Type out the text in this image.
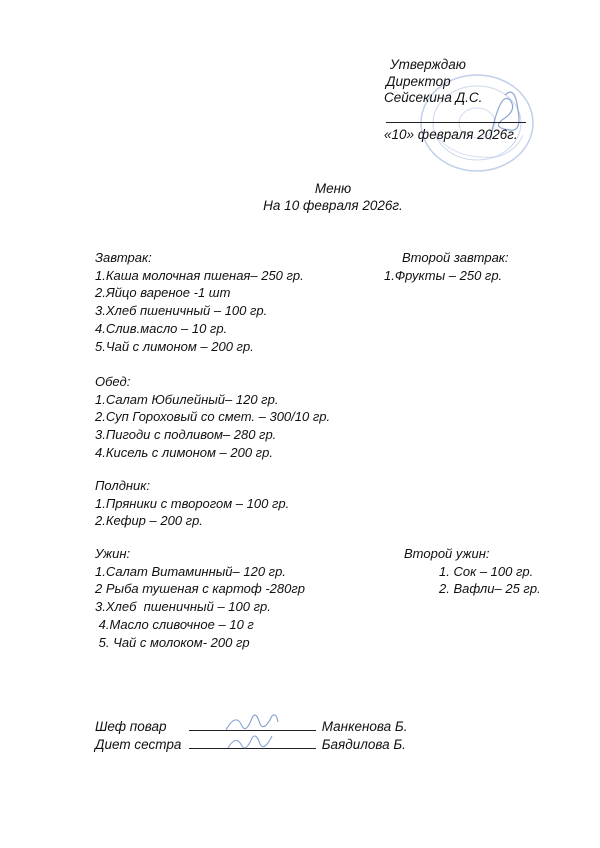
Утверждаю
Директор
Сейсекина Д.С.
«10» февраля 2026г.
Меню
На 10 февраля 2026г.
Завтрак:
1.Каша молочная пшеная– 250 гр.
2.Яйцо вареное -1 шт
3.Хлеб пшеничный – 100 гр.
4.Слив.масло – 10 гр.
5.Чай с лимоном – 200 гр.
Второй завтрак:
1.Фрукты – 250 гр.
Обед:
1.Салат Юбилейный– 120 гр.
2.Суп Гороховый со смет. – 300/10 гр.
3.Пигоди с подливом– 280 гр.
4.Кисель с лимоном – 200 гр.
Полдник:
1.Пряники с творогом – 100 гр.
2.Кефир – 200 гр.
Ужин:
1.Салат Витаминный– 120 гр.
2 Рыба тушеная с картоф -280гр
3.Хлеб  пшеничный – 100 гр.
4.Масло сливочное – 10 г
5. Чай с молоком- 200 гр
Второй ужин:
1. Сок – 100 гр.
2. Вафли– 25 гр.
Шеф повар	Манкенова Б.
Диет сестра	Баядилова Б.
